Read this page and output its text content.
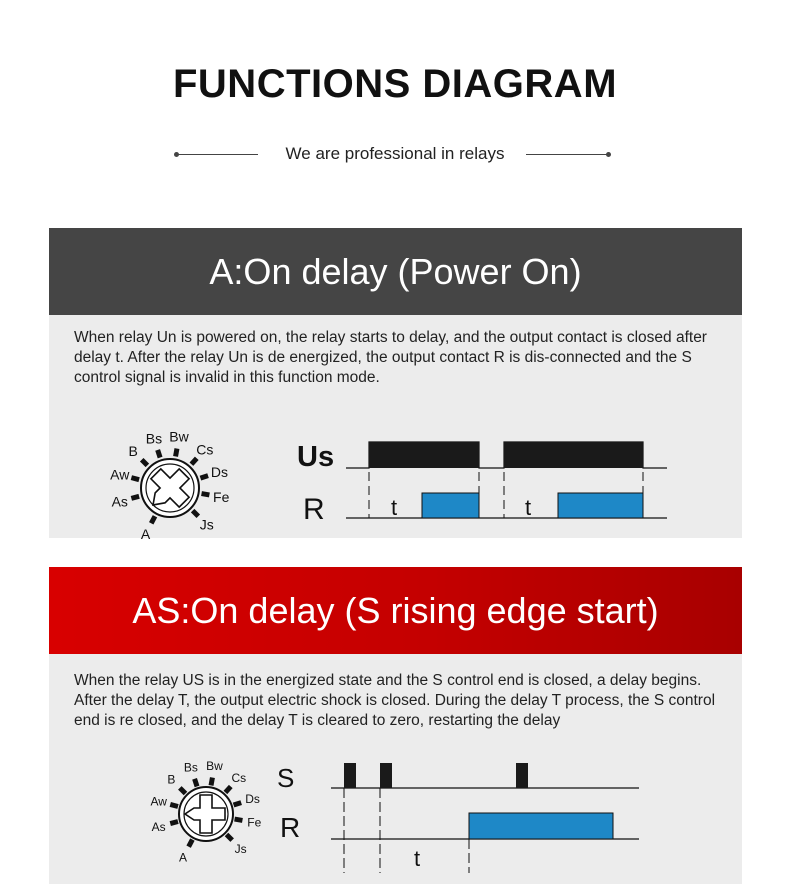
FUNCTIONS DIAGRAM
We are professional in relays
A:On delay (Power On)
When relay Un is powered on, the relay starts to delay, and the output contact is closed after delay t. After the relay Un is de energized, the output contact R is dis-connected and the S control signal is invalid in this function mode.
A
As
Aw
B
Bs Bw
Cs
Ds
Fe
Js
Us
R	t	t
AS:On delay (S rising edge start)
When the relay US is in the energized state and the S control end is closed, a delay begins. After the delay T, the output electric shock is closed. During the delay T process, the S control end is re closed, and the delay T is cleared to zero, restarting the delay
A
As
Aw
B
Bs Bw
Cs
Ds
Fe
Js
S
R
t
